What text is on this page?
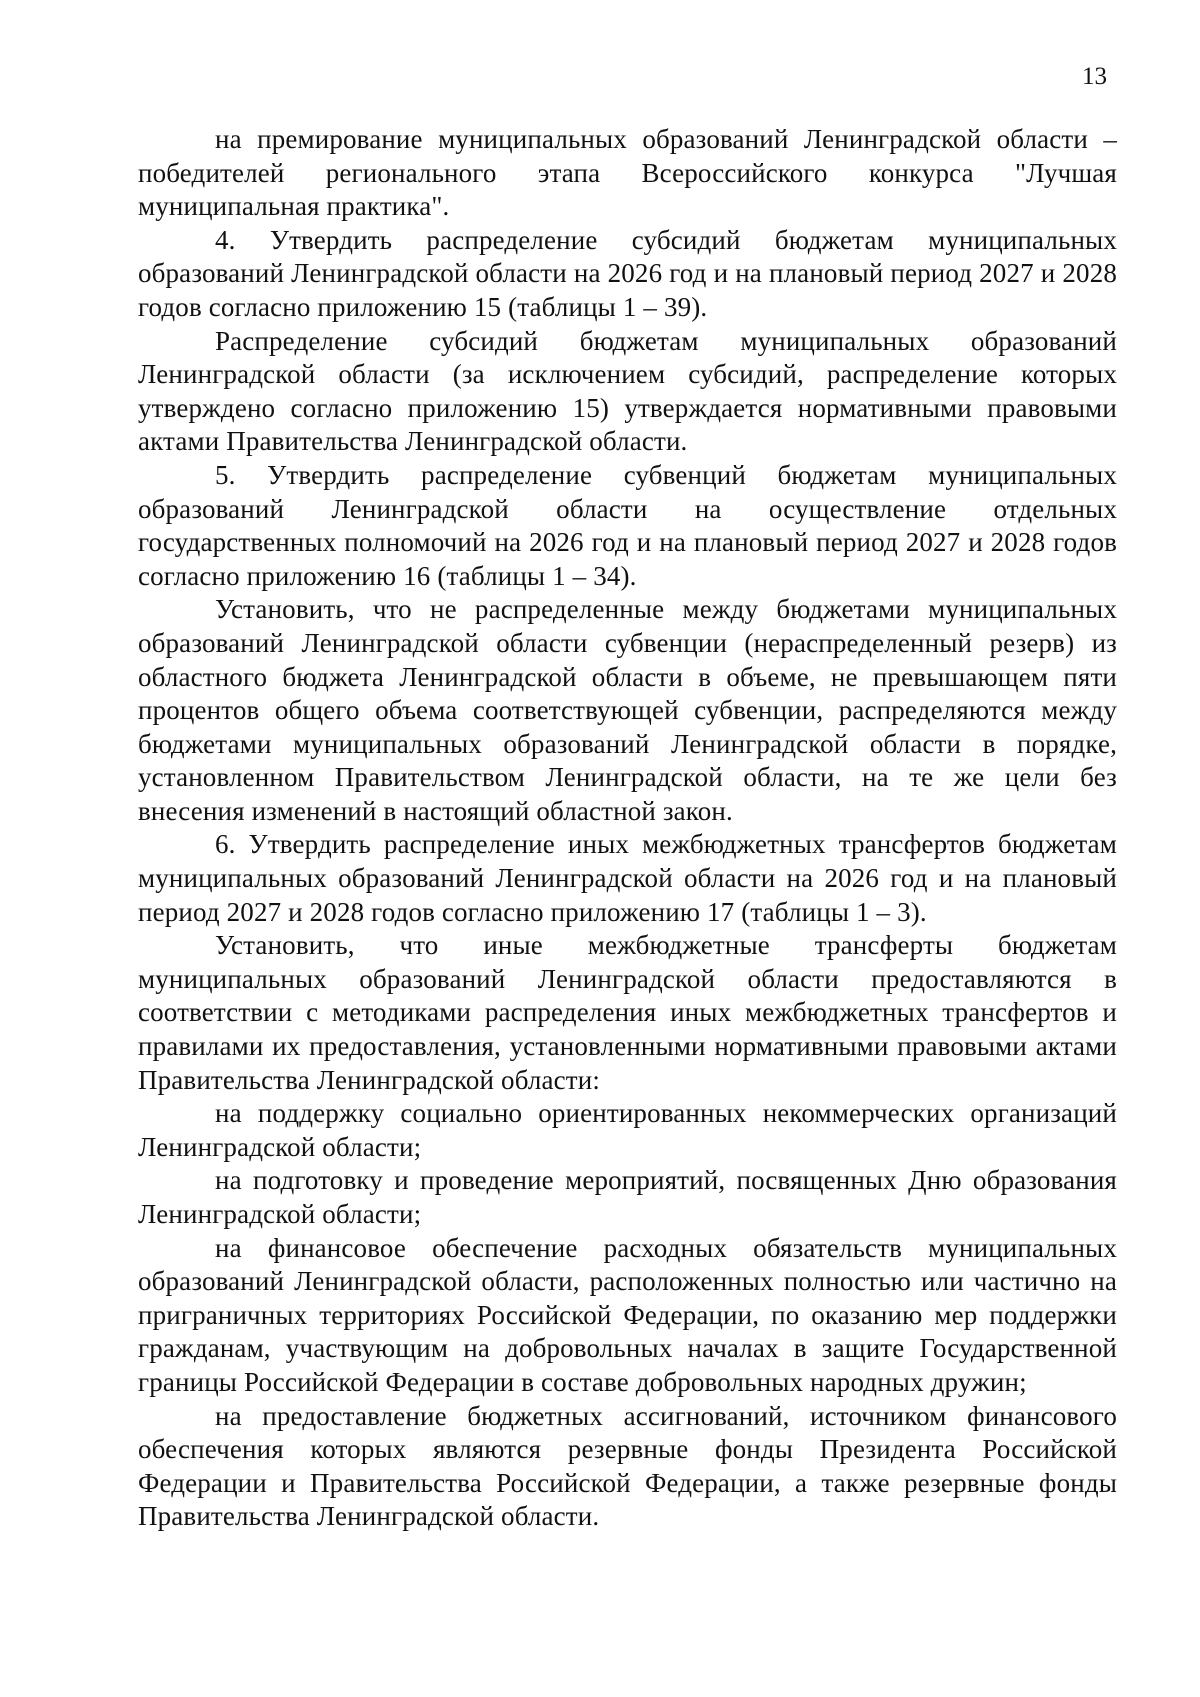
13

на премирование муниципальных образований Ленинградской области – победителей регионального этапа Всероссийского конкурса "Лучшая муниципальная практика".

4. Утвердить распределение субсидий бюджетам муниципальных образований Ленинградской области на 2026 год и на плановый период 2027 и 2028 годов согласно приложению 15 (таблицы 1 – 39).

Распределение субсидий бюджетам муниципальных образований Ленинградской области (за исключением субсидий, распределение которых утверждено согласно приложению 15) утверждается нормативными правовыми актами Правительства Ленинградской области.

5. Утвердить распределение субвенций бюджетам муниципальных образований Ленинградской области на осуществление отдельных государственных полномочий на 2026 год и на плановый период 2027 и 2028 годов согласно приложению 16 (таблицы 1 – 34).

Установить, что не распределенные между бюджетами муниципальных образований Ленинградской области субвенции (нераспределенный резерв) из областного бюджета Ленинградской области в объеме, не превышающем пяти процентов общего объема соответствующей субвенции, распределяются между бюджетами муниципальных образований Ленинградской области в порядке, установленном Правительством Ленинградской области, на те же цели без внесения изменений в настоящий областной закон.

6. Утвердить распределение иных межбюджетных трансфертов бюджетам муниципальных образований Ленинградской области на 2026 год и на плановый период 2027 и 2028 годов согласно приложению 17 (таблицы 1 – 3).

Установить, что иные межбюджетные трансферты бюджетам муниципальных образований Ленинградской области предоставляются в соответствии с методиками распределения иных межбюджетных трансфертов и правилами их предоставления, установленными нормативными правовыми актами Правительства Ленинградской области:

на поддержку социально ориентированных некоммерческих организаций Ленинградской области;

на подготовку и проведение мероприятий, посвященных Дню образования Ленинградской области;

на финансовое обеспечение расходных обязательств муниципальных образований Ленинградской области, расположенных полностью или частично на приграничных территориях Российской Федерации, по оказанию мер поддержки гражданам, участвующим на добровольных началах в защите Государственной границы Российской Федерации в составе добровольных народных дружин;

на предоставление бюджетных ассигнований, источником финансового обеспечения которых являются резервные фонды Президента Российской Федерации и Правительства Российской Федерации, а также резервные фонды Правительства Ленинградской области.
